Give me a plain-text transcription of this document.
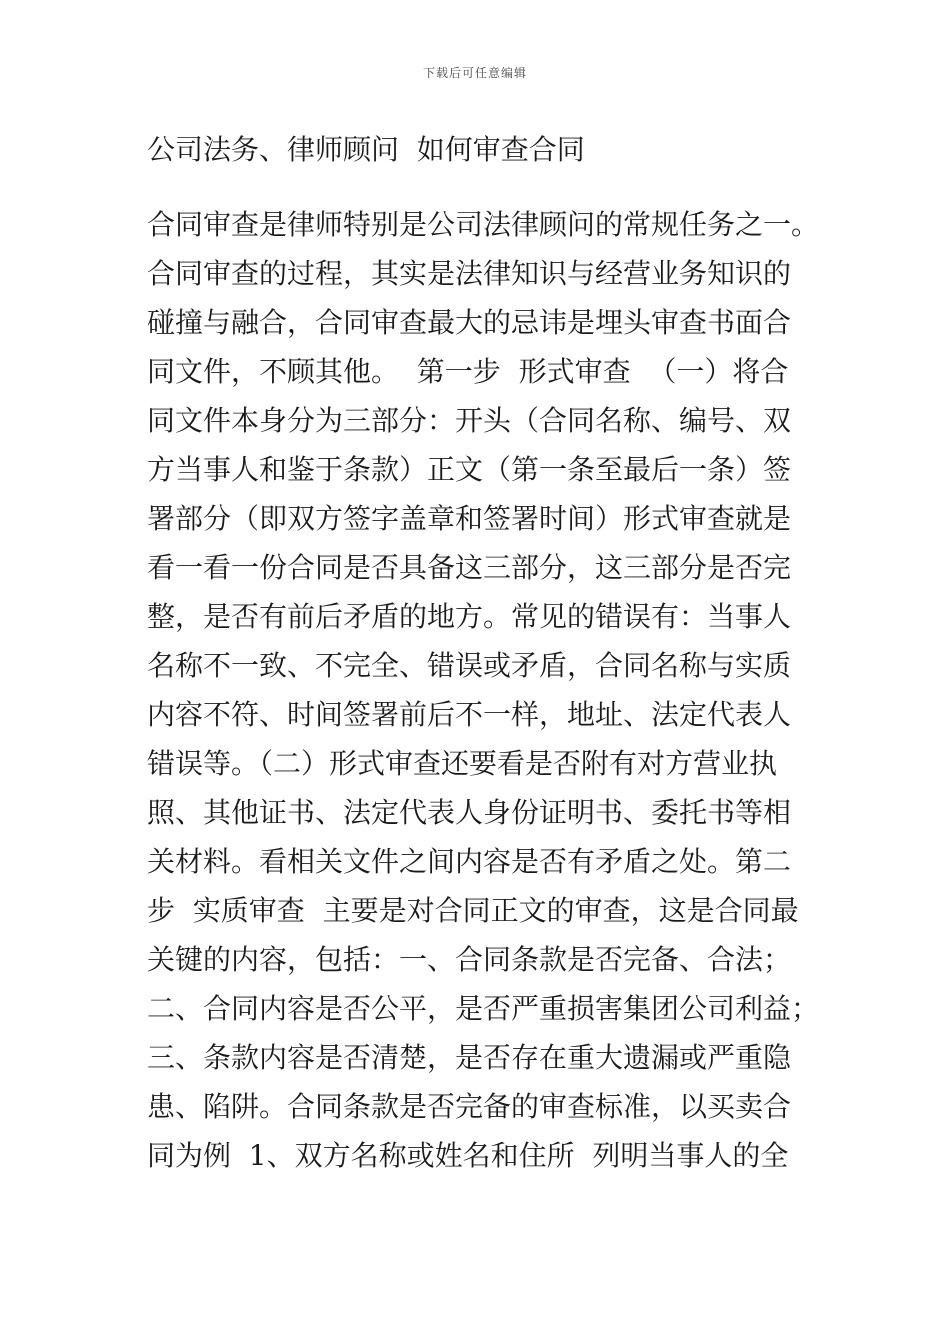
下载后可任意编辑
公司法务、律师顾问  如何审查合同
合同审查是律师特别是公司法律顾问的常规任务之一。
合同审查的过程，其实是法律知识与经营业务知识的
碰撞与融合，合同审查最大的忌讳是埋头审查书面合
同文件，不顾其他。  第一步  形式审查  （一）将合
同文件本身分为三部分：开头（合同名称、编号、双
方当事人和鉴于条款）正文（第一条至最后一条）签
署部分（即双方签字盖章和签署时间）形式审查就是
看一看一份合同是否具备这三部分，这三部分是否完
整，是否有前后矛盾的地方。常见的错误有：当事人
名称不一致、不完全、错误或矛盾，合同名称与实质
内容不符、时间签署前后不一样，地址、法定代表人
错误等。（二）形式审查还要看是否附有对方营业执
照、其他证书、法定代表人身份证明书、委托书等相
关材料。看相关文件之间内容是否有矛盾之处。第二
步  实质审查  主要是对合同正文的审查，这是合同最
关键的内容，包括：一、合同条款是否完备、合法；
二、合同内容是否公平，是否严重损害集团公司利益；
三、条款内容是否清楚，是否存在重大遗漏或严重隐
患、陷阱。合同条款是否完备的审查标准，以买卖合
同为例  1、双方名称或姓名和住所  列明当事人的全
